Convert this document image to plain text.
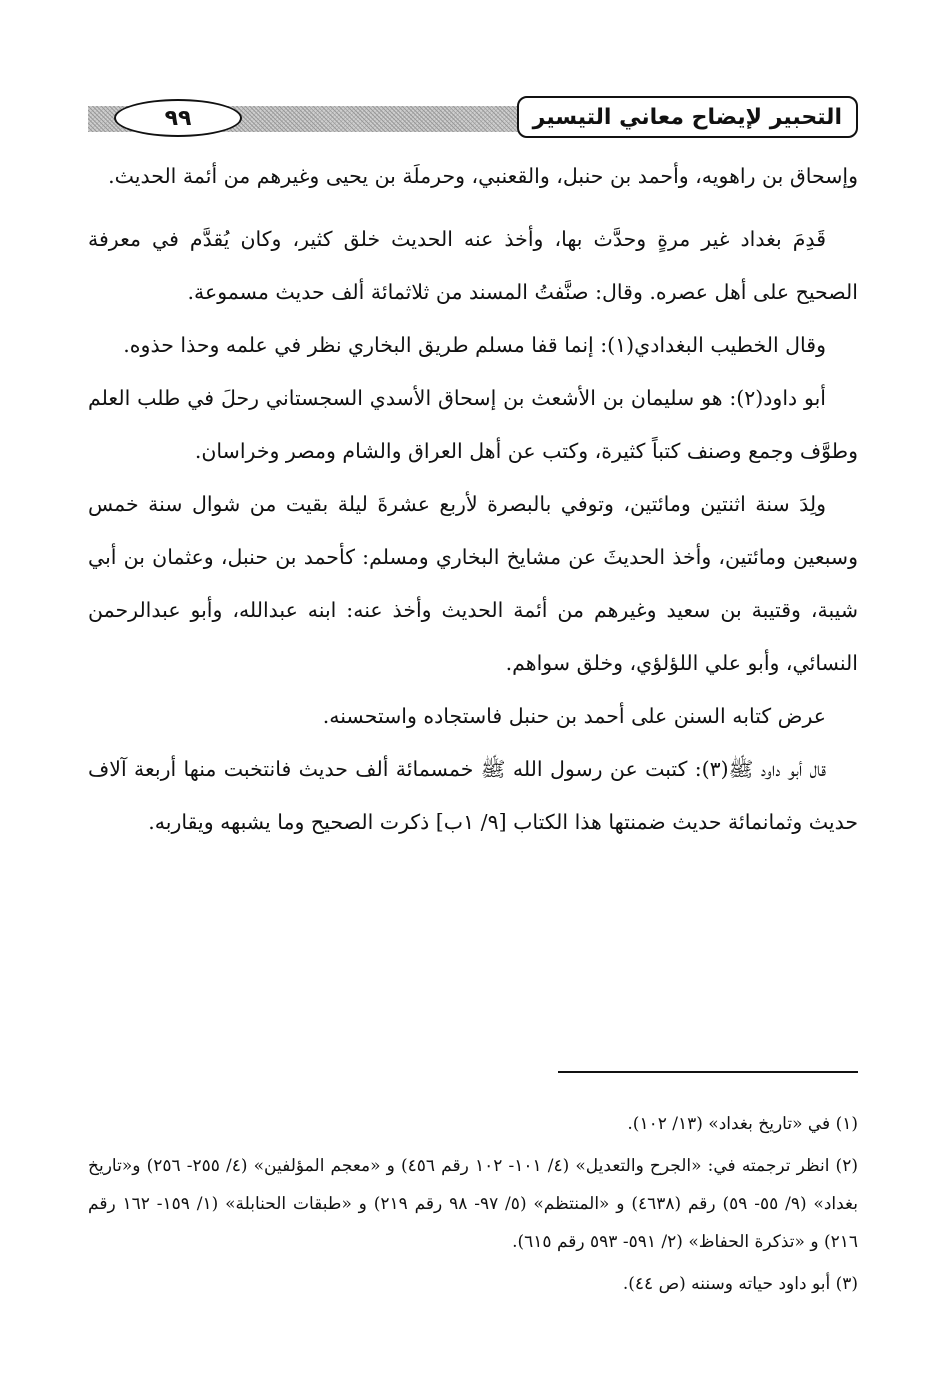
٩٩	التحبير لإيضاح معاني التيسير

وإسحاق بن راهويه، وأحمد بن حنبل، والقعنبي، وحرملَة بن يحيى وغيرهم من أئمة الحديث.

قَدِمَ بغداد غير مرةٍ وحدَّث بها، وأخذ عنه الحديث خلق كثير، وكان يُقدَّم في معرفة الصحيح على أهل عصره. وقال: صنَّفتُ المسند من ثلاثمائة ألف حديث مسموعة.

وقال الخطيب البغدادي(١): إنما قفا مسلم طريق البخاري نظر في علمه وحذا حذوه.

أبو داود(٢): هو سليمان بن الأشعث بن إسحاق الأسدي السجستاني رحلَ في طلب العلم وطوَّف وجمع وصنف كتباً كثيرة، وكتب عن أهل العراق والشام ومصر وخراسان.

ولِدَ سنة اثنتين ومائتين، وتوفي بالبصرة لأربع عشرةَ ليلة بقيت من شوال سنة خمس وسبعين ومائتين، وأخذ الحديثَ عن مشايخ البخاري ومسلم: كأحمد بن حنبل، وعثمان بن أبي شيبة، وقتيبة بن سعيد وغيرهم من أئمة الحديث وأخذ عنه: ابنه عبدالله، وأبو عبدالرحمن النسائي، وأبو علي اللؤلؤي، وخلق سواهم.

عرض كتابه السنن على أحمد بن حنبل فاستجاده واستحسنه.

قال أبو داود ﷺ(٣): كتبت عن رسول الله ﷺ خمسمائة ألف حديث فانتخبت منها أربعة آلاف حديث وثمانمائة حديث ضمنتها هذا الكتاب [٩/ ١ب] ذكرت الصحيح وما يشبهه ويقاربه.

(١) في «تاريخ بغداد» (١٣/ ١٠٢).

(٢) انظر ترجمته في: «الجرح والتعديل» (٤/ ١٠١- ١٠٢ رقم ٤٥٦) و «معجم المؤلفين» (٤/ ٢٥٥- ٢٥٦) و«تاريخ بغداد» (٩/ ٥٥- ٥٩) رقم (٤٦٣٨) و «المنتظم» (٥/ ٩٧- ٩٨ رقم ٢١٩) و «طبقات الحنابلة» (١/ ١٥٩- ١٦٢ رقم ٢١٦) و «تذكرة الحفاظ» (٢/ ٥٩١- ٥٩٣ رقم ٦١٥).

(٣) أبو داود حياته وسننه (ص ٤٤).
